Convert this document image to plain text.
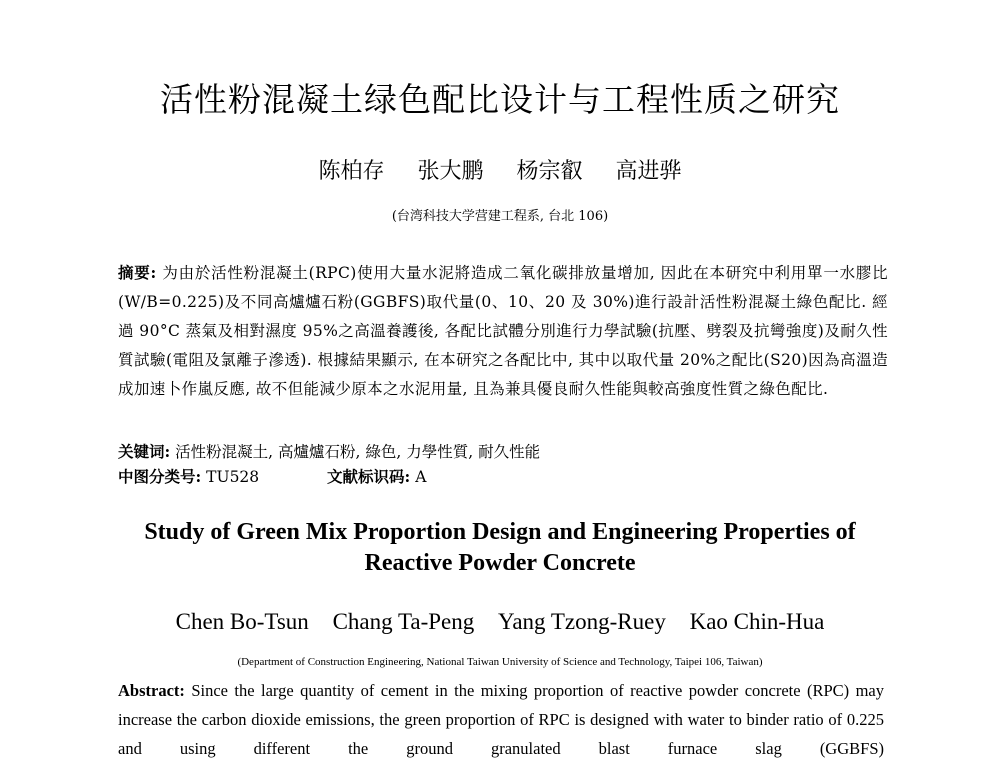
活性粉混凝土绿色配比设计与工程性质之研究
陈柏存 张大鹏 杨宗叡 高进骅
(台湾科技大学营建工程系, 台北 106)
摘要: 为由於活性粉混凝土(RPC)使用大量水泥將造成二氧化碳排放量增加, 因此在本研究中利用單一水膠比(W/B=0.225)及不同高爐爐石粉(GGBFS)取代量(0、10、20 及 30%)進行設計活性粉混凝土綠色配比. 經過 90°C 蒸氣及相對濕度 95%之高溫養護後, 各配比試體分別進行力學試驗(抗壓、劈裂及抗彎強度)及耐久性質試驗(電阻及氯離子滲透). 根據結果顯示, 在本研究之各配比中, 其中以取代量 20%之配比(S20)因為高溫造成加速卜作嵐反應, 故不但能減少原本之水泥用量, 且為兼具優良耐久性能與較高強度性質之綠色配比.
关键词: 活性粉混凝土, 高爐爐石粉, 綠色, 力學性質, 耐久性能
中图分类号: TU528	文献标识码: A
Study of Green Mix Proportion Design and Engineering Properties of
Reactive Powder Concrete
Chen Bo-Tsun Chang Ta-Peng Yang Tzong-Ruey Kao Chin-Hua
(Department of Construction Engineering, National Taiwan University of Science and Technology, Taipei 106, Taiwan)
Abstract: Since the large quantity of cement in the mixing proportion of reactive powder concrete (RPC) may increase the carbon dioxide emissions, the green proportion of RPC is designed with water to binder ratio of 0.225 and using different the ground granulated blast furnace slag (GGBFS)
